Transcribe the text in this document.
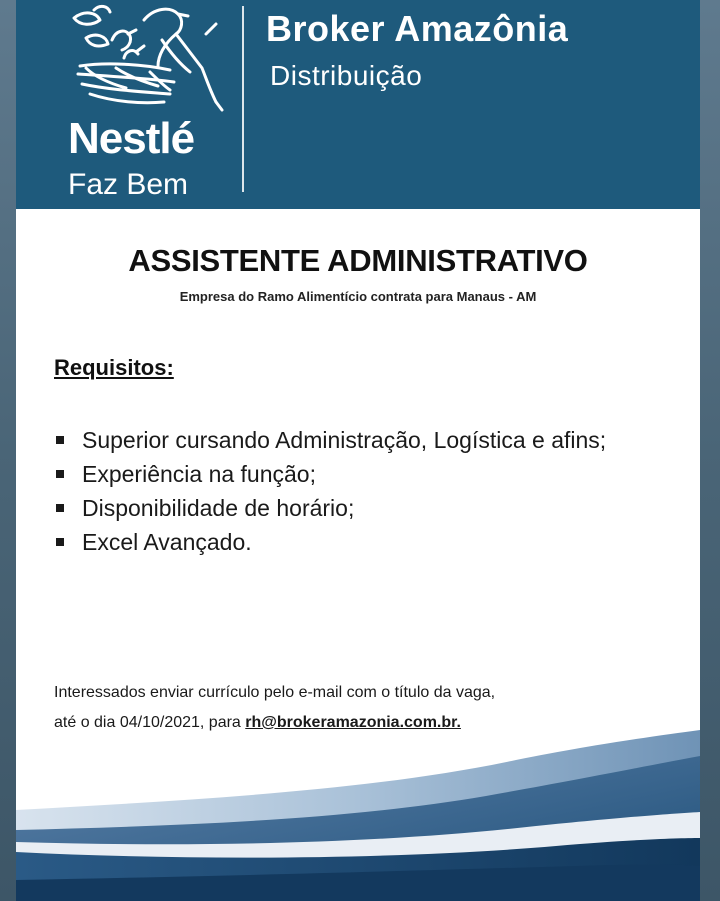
Nestlé
Faz Bem
Broker Amazônia
Distribuição
ASSISTENTE ADMINISTRATIVO
Empresa do Ramo Alimentício contrata para Manaus - AM
Requisitos:
Superior cursando Administração, Logística e afins;
Experiência na função;
Disponibilidade de horário;
Excel Avançado.
Interessados enviar currículo pelo e-mail com o título da vaga,
até o dia 04/10/2021, para rh@brokeramazonia.com.br.
